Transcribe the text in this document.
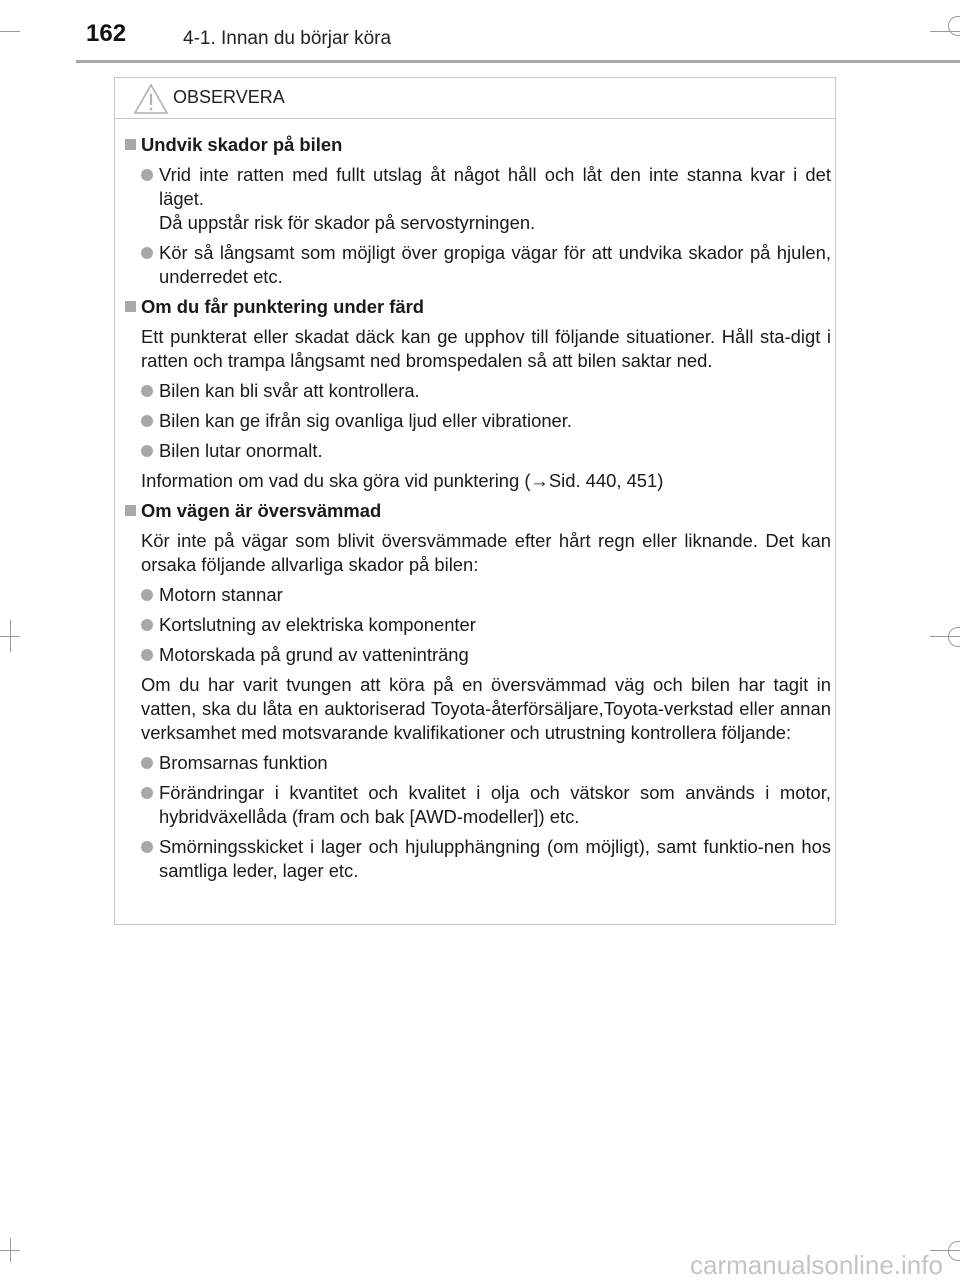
162	4-1. Innan du börjar köra
OBSERVERA
Undvik skador på bilen
Vrid inte ratten med fullt utslag åt något håll och låt den inte stanna kvar i det läget.
Då uppstår risk för skador på servostyrningen.
Kör så långsamt som möjligt över gropiga vägar för att undvika skador på hjulen, underredet etc.
Om du får punktering under färd
Ett punkterat eller skadat däck kan ge upphov till följande situationer. Håll sta-digt i ratten och trampa långsamt ned bromspedalen så att bilen saktar ned.
Bilen kan bli svår att kontrollera.
Bilen kan ge ifrån sig ovanliga ljud eller vibrationer.
Bilen lutar onormalt.
Information om vad du ska göra vid punktering (→Sid. 440, 451)
Om vägen är översvämmad
Kör inte på vägar som blivit översvämmade efter hårt regn eller liknande. Det kan orsaka följande allvarliga skador på bilen:
Motorn stannar
Kortslutning av elektriska komponenter
Motorskada på grund av vatteninträng
Om du har varit tvungen att köra på en översvämmad väg och bilen har tagit in vatten, ska du låta en auktoriserad Toyota-återförsäljare,Toyota-verkstad eller annan verksamhet med motsvarande kvalifikationer och utrustning kontrollera följande:
Bromsarnas funktion
Förändringar i kvantitet och kvalitet i olja och vätskor som används i motor, hybridväxellåda (fram och bak [AWD-modeller]) etc.
Smörningsskicket i lager och hjulupphängning (om möjligt), samt funktio-nen hos samtliga leder, lager etc.
carmanualsonline.info
